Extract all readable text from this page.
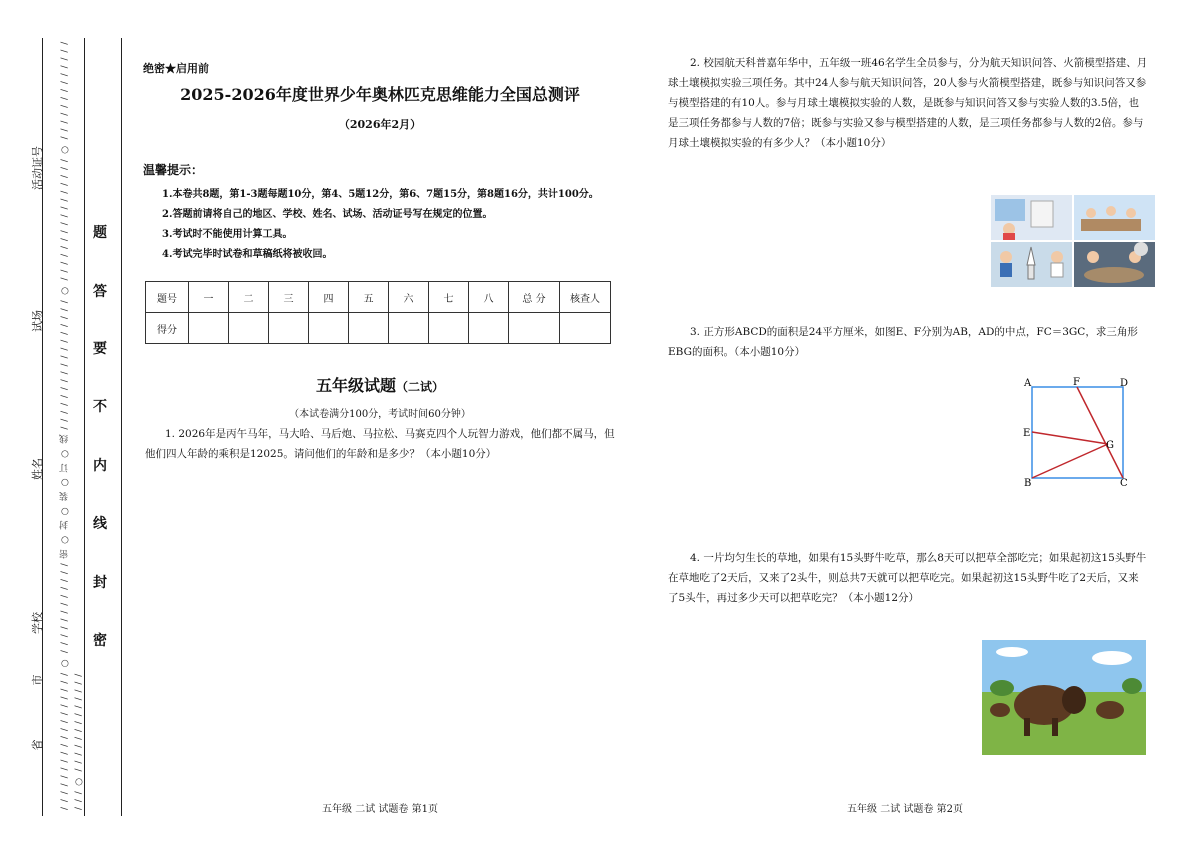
活动证号
试场
姓名
学校
市
省 / / / / / / / / / / / / / / / / / / ○ / / / / / / / / / / / / 密 ○ 封 ○ 装 ○ 订 ○ 线 / / / / / / / / / / / / / / / / / ○ / / / / / / / / / / / / / / / / ○ / / / / / / / / / / / / / / / / ○ / / / / / / / / / / / / /
题
答
要
不
内
线
封
密
绝密★启用前
2025-2026年度世界少年奥林匹克思维能力全国总测评
（2026年2月）
温馨提示：
1.本卷共8题，第1-3题每题10分，第4、5题12分，第6、7题15分，第8题16分，共计100分。
2.答题前请将自己的地区、学校、姓名、试场、活动证号写在规定的位置。
3.考试时不能使用计算工具。
4.考试完毕时试卷和草稿纸将被收回。
题号	一	二	三	四	五	六	七	八	总 分	核查人
得分										
五年级试题（二试）
（本试卷满分100分，考试时间60分钟）
1. 2026年是丙午马年，马大哈、马后炮、马拉松、马赛克四个人玩智力游戏，他们都不属马，但他们四人年龄的乘积是12025。请问他们的年龄和是多少？（本小题10分）
五年级 二试 试题卷 第1页
2. 校园航天科普嘉年华中，五年级一班46名学生全员参与，分为航天知识问答、火箭模型搭建、月球土壤模拟实验三项任务。其中24人参与航天知识问答，20人参与火箭模型搭建，既参与知识问答又参与模型搭建的有10人。参与月球土壤模拟实验的人数，是既参与知识问答又参与实验人数的3.5倍，也是三项任务都参与人数的7倍；既参与实验又参与模型搭建的人数，是三项任务都参与人数的2倍。参与月球土壤模拟实验的有多少人？（本小题10分）
3. 正方形ABCD的面积是24平方厘米，如图E、F分别为AB，AD的中点，FC＝3GC，求三角形EBG的面积。（本小题10分）
A	F	D
E
G
B	C
4. 一片均匀生长的草地，如果有15头野牛吃草，那么8天可以把草全部吃完；如果起初这15头野牛在草地吃了2天后，又来了2头牛，则总共7天就可以把草吃完。如果起初这15头野牛吃了2天后，又来了5头牛，再过多少天可以把草吃完？（本小题12分）
五年级 二试 试题卷 第2页
